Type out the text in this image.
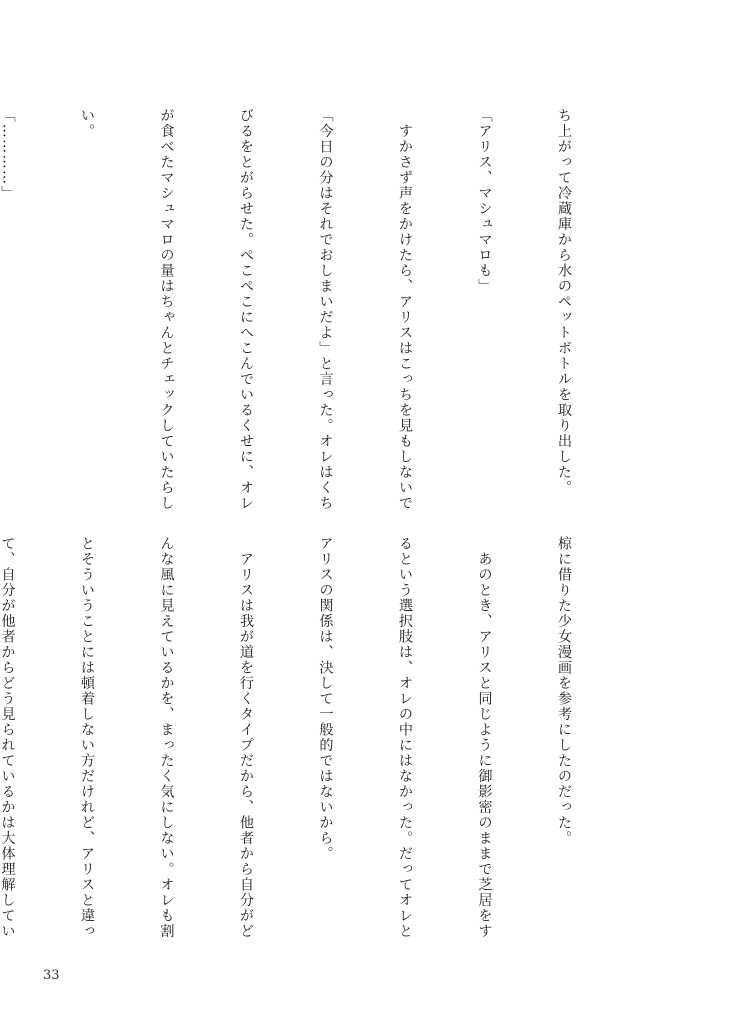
ち上がって冷蔵庫から水のペットボトルを取り出した。

「アリス、マシュマロも」

　すかさず声をかけたら、アリスはこっちを見もしないで

「今日の分はそれでおしまいだよ」と言った。オレはくち

びるをとがらせた。ぺこぺこにへこんでいるくせに、オレ

が食べたマシュマロの量はちゃんとチェックしていたらし

い。

「…………」

椋に借りた少女漫画を参考にしたのだった。

　あのとき、アリスと同じように御影密のままで芝居をす

るという選択肢は、オレの中にはなかった。だってオレと

アリスの関係は、決して一般的ではないから。

　アリスは我が道を行くタイプだから、他者から自分がど

んな風に見えているかを、まったく気にしない。オレも割

とそういうことには頓着しない方だけれど、アリスと違っ

て、自分が他者からどう見られているかは大体理解してい

33
